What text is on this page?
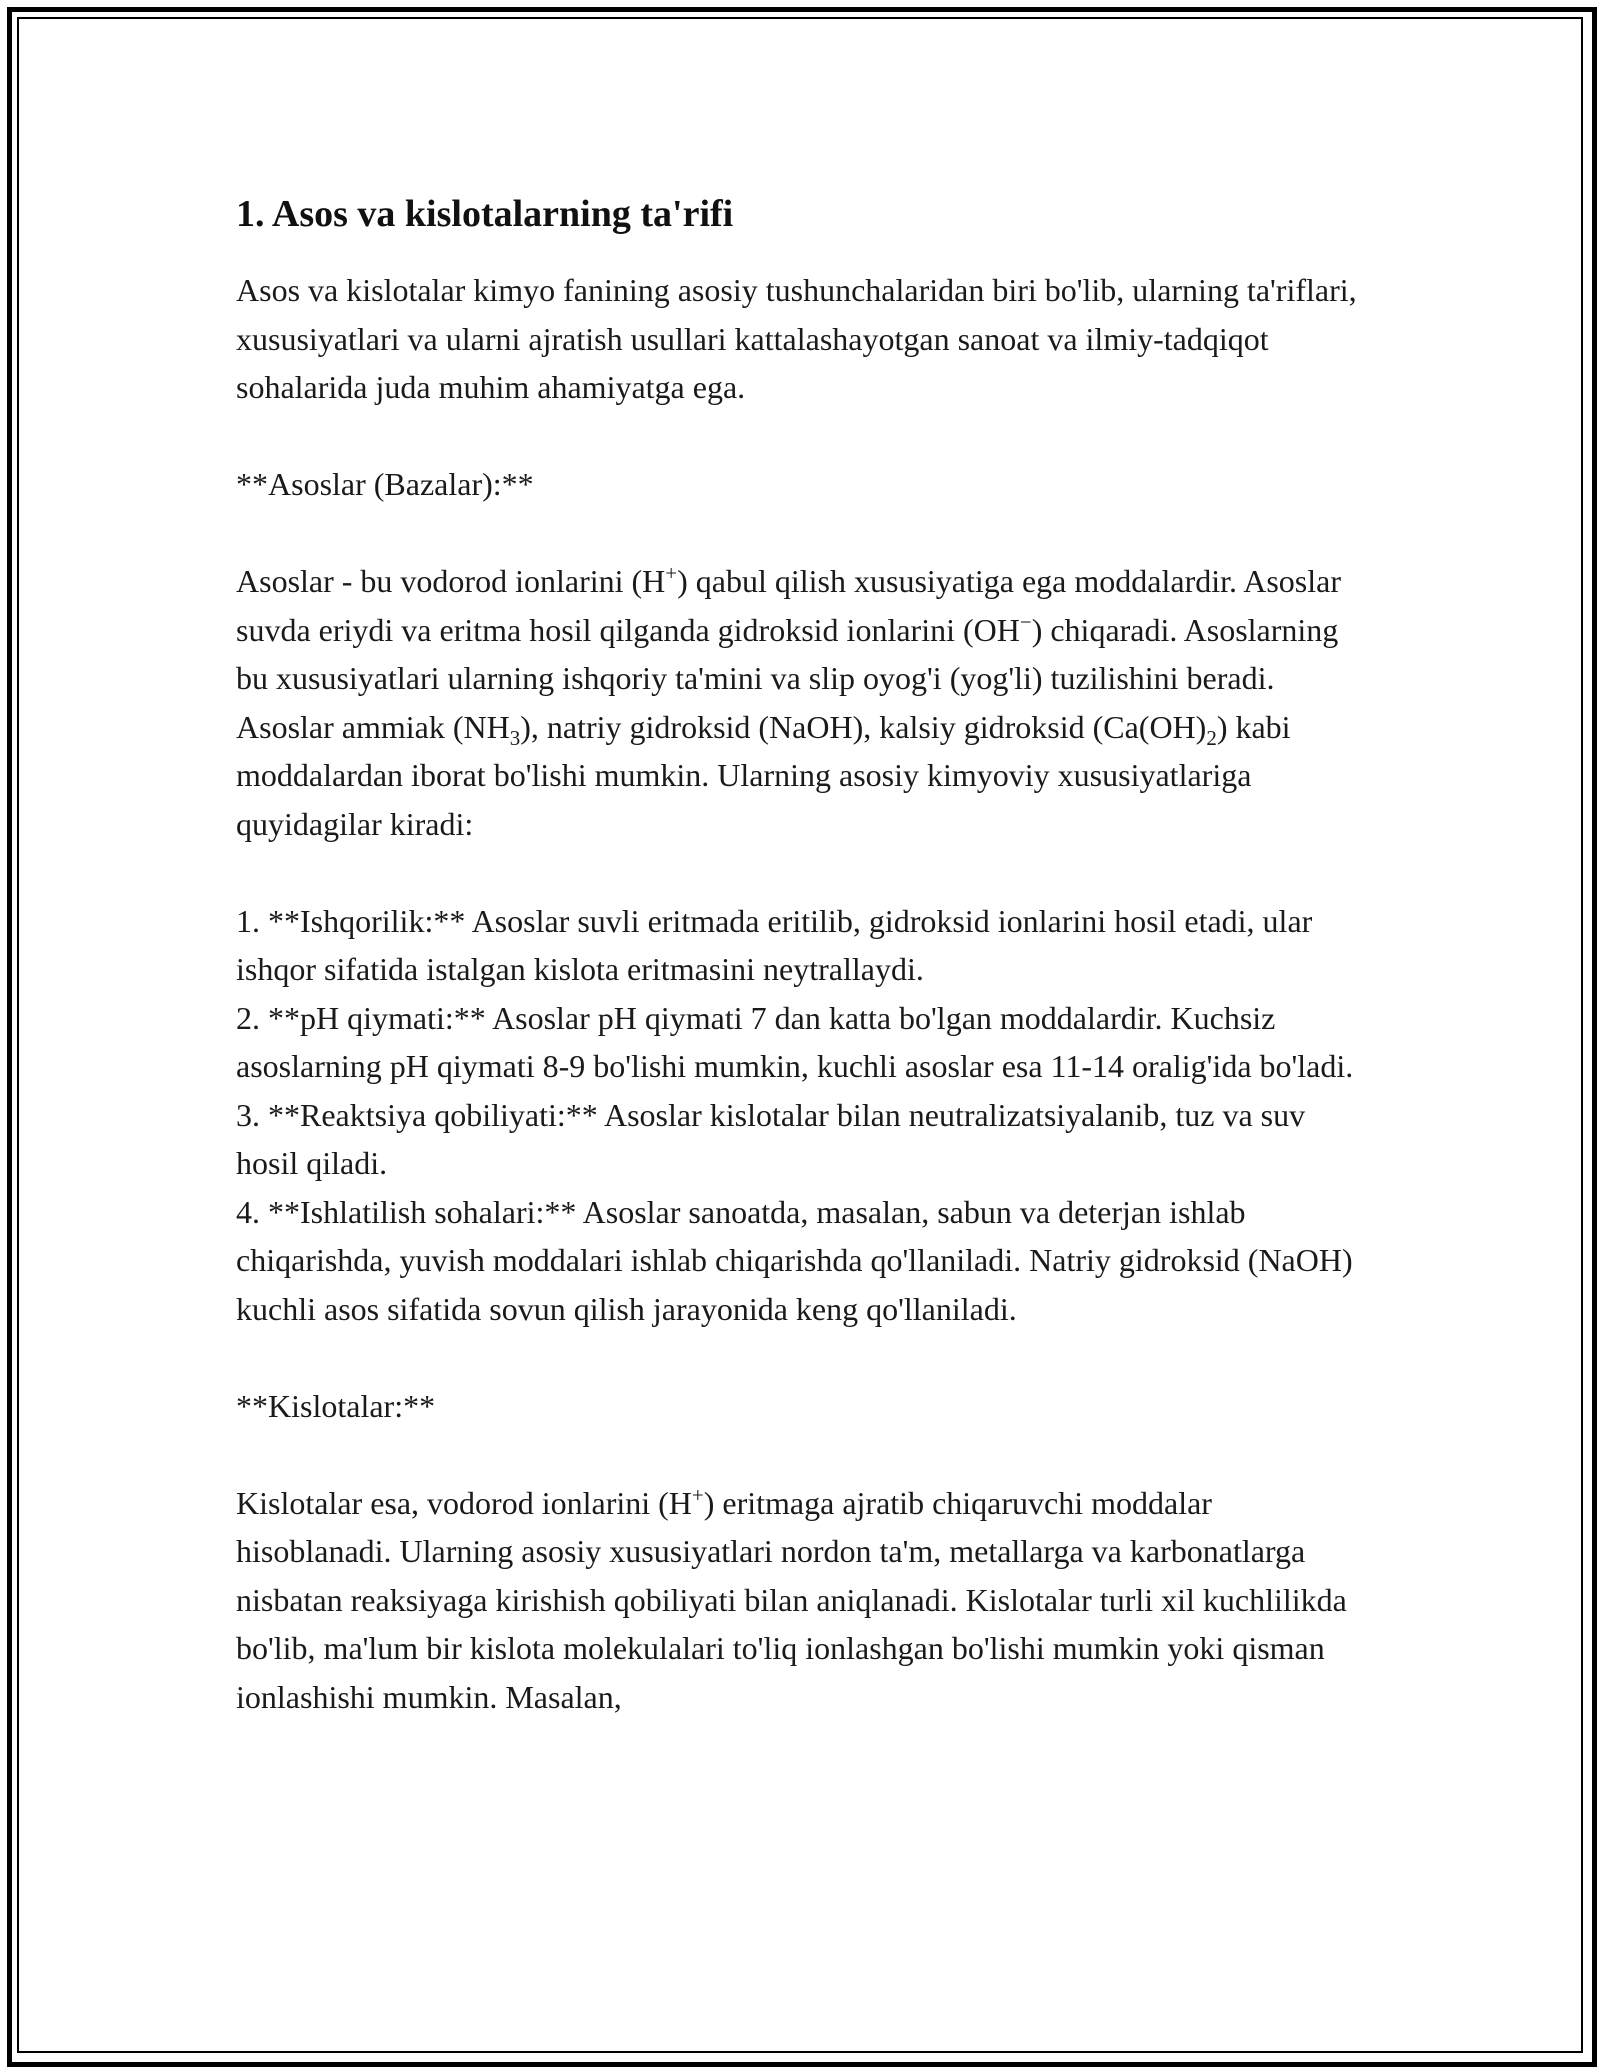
1. Asos va kislotalarning ta'rifi

Asos va kislotalar kimyo fanining asosiy tushunchalaridan biri bo'lib, ularning ta'riflari, xususiyatlari va ularni ajratish usullari kattalashayotgan sanoat va ilmiy-tadqiqot sohalarida juda muhim ahamiyatga ega.

**Asoslar (Bazalar):**

Asoslar - bu vodorod ionlarini (H+) qabul qilish xususiyatiga ega moddalardir. Asoslar suvda eriydi va eritma hosil qilganda gidroksid ionlarini (OH−) chiqaradi. Asoslarning bu xususiyatlari ularning ishqoriy ta'mini va slip oyog'i (yog'li) tuzilishini beradi. Asoslar ammiak $(NH_3)$, natriy gidroksid (NaOH), kalsiy gidroksid $(Ca(OH)_2)$ kabi moddalardan iborat bo'lishi mumkin. Ularning asosiy kimyoviy xususiyatlariga quyidagilar kiradi:

1. **Ishqorilik:** Asoslar suvli eritmada eritilib, gidroksid ionlarini hosil etadi, ular ishqor sifatida istalgan kislota eritmasini neytrallaydi.

2. **pH qiymati:** Asoslar pH qiymati 7 dan katta bo'lgan moddalardir. Kuchsiz asoslarning pH qiymati 8-9 bo'lishi mumkin, kuchli asoslar esa 11-14 oralig'ida bo'ladi.

3. **Reaktsiya qobiliyati:** Asoslar kislotalar bilan neutralizatsiyalanib, tuz va suv hosil qiladi.

4. **Ishlatilish sohalari:** Asoslar sanoatda, masalan, sabun va deterjan ishlab chiqarishda, yuvish moddalari ishlab chiqarishda qo'llaniladi. Natriy gidroksid (NaOH) kuchli asos sifatida sovun qilish jarayonida keng qo'llaniladi.

**Kislotalar:**

Kislotalar esa, vodorod ionlarini (H+) eritmaga ajratib chiqaruvchi moddalar hisoblanadi. Ularning asosiy xususiyatlari nordon ta'm, metallarga va karbonatlarga nisbatan reaksiyaga kirishish qobiliyati bilan aniqlanadi. Kislotalar turli xil kuchlilikda bo'lib, ma'lum bir kislota molekulalari to'liq ionlashgan bo'lishi mumkin yoki qisman ionlashishi mumkin. Masalan,
